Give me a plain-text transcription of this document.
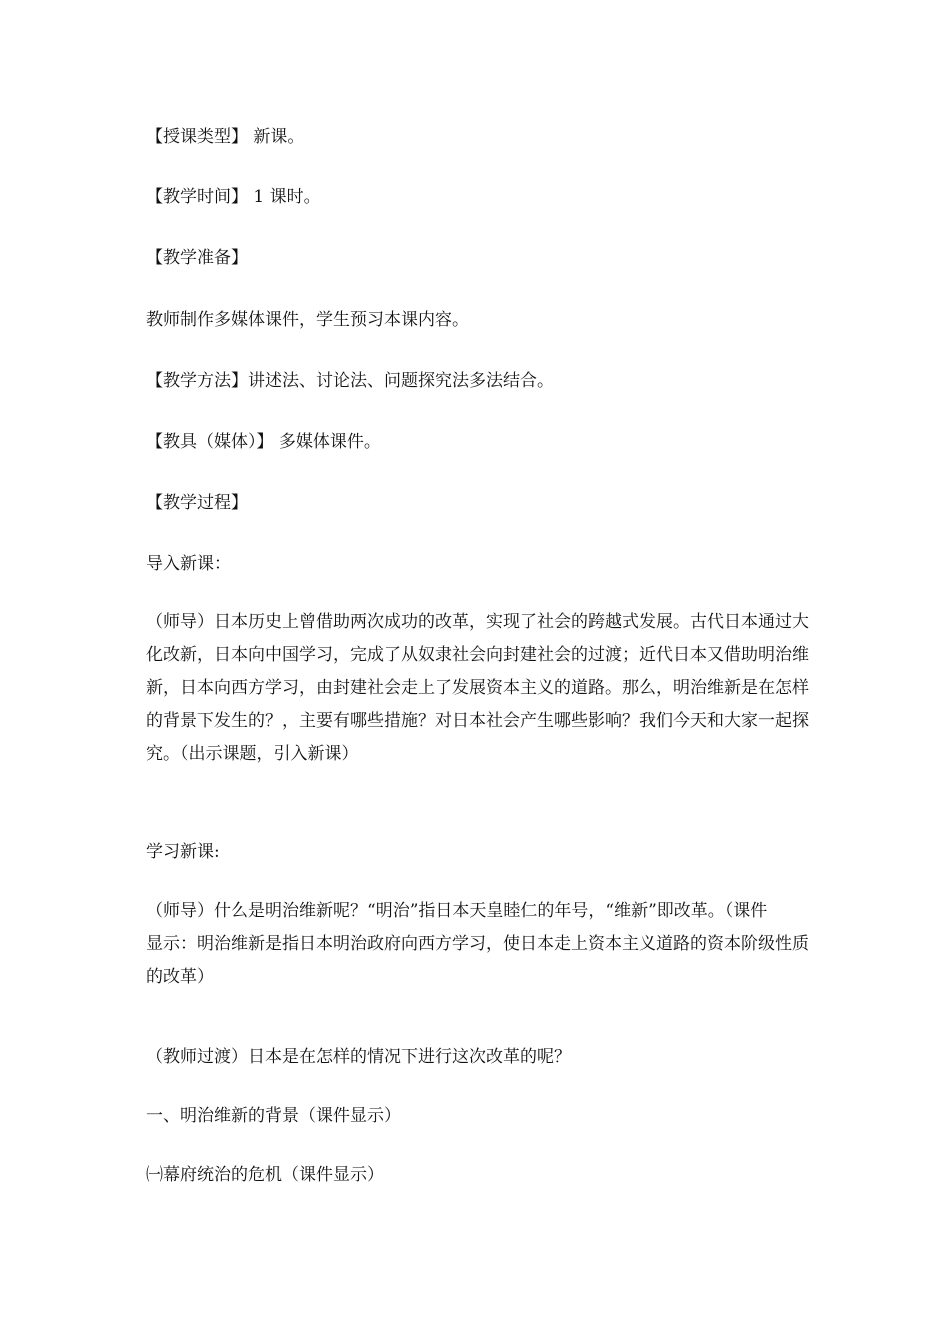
【授课类型】 新课。
【教学时间】 1 课时。
【教学准备】
教师制作多媒体课件，学生预习本课内容。
【教学方法】讲述法、讨论法、问题探究法多法结合。
【教具（媒体）】 多媒体课件。
【教学过程】
导入新课：
（师导）日本历史上曾借助两次成功的改革，实现了社会的跨越式发展。古代日本通过大
化改新，日本向中国学习，完成了从奴隶社会向封建社会的过渡；近代日本又借助明治维
新，日本向西方学习，由封建社会走上了发展资本主义的道路。那么，明治维新是在怎样
的背景下发生的？，主要有哪些措施？对日本社会产生哪些影响？我们今天和大家一起探
究。（出示课题，引入新课）
学习新课:
（师导）什么是明治维新呢？“明治”指日本天皇睦仁的年号，“维新”即改革。（课件
显示：明治维新是指日本明治政府向西方学习，使日本走上资本主义道路的资本阶级性质
的改革）
（教师过渡）日本是在怎样的情况下进行这次改革的呢？
一、明治维新的背景（课件显示）
㈠幕府统治的危机（课件显示）
